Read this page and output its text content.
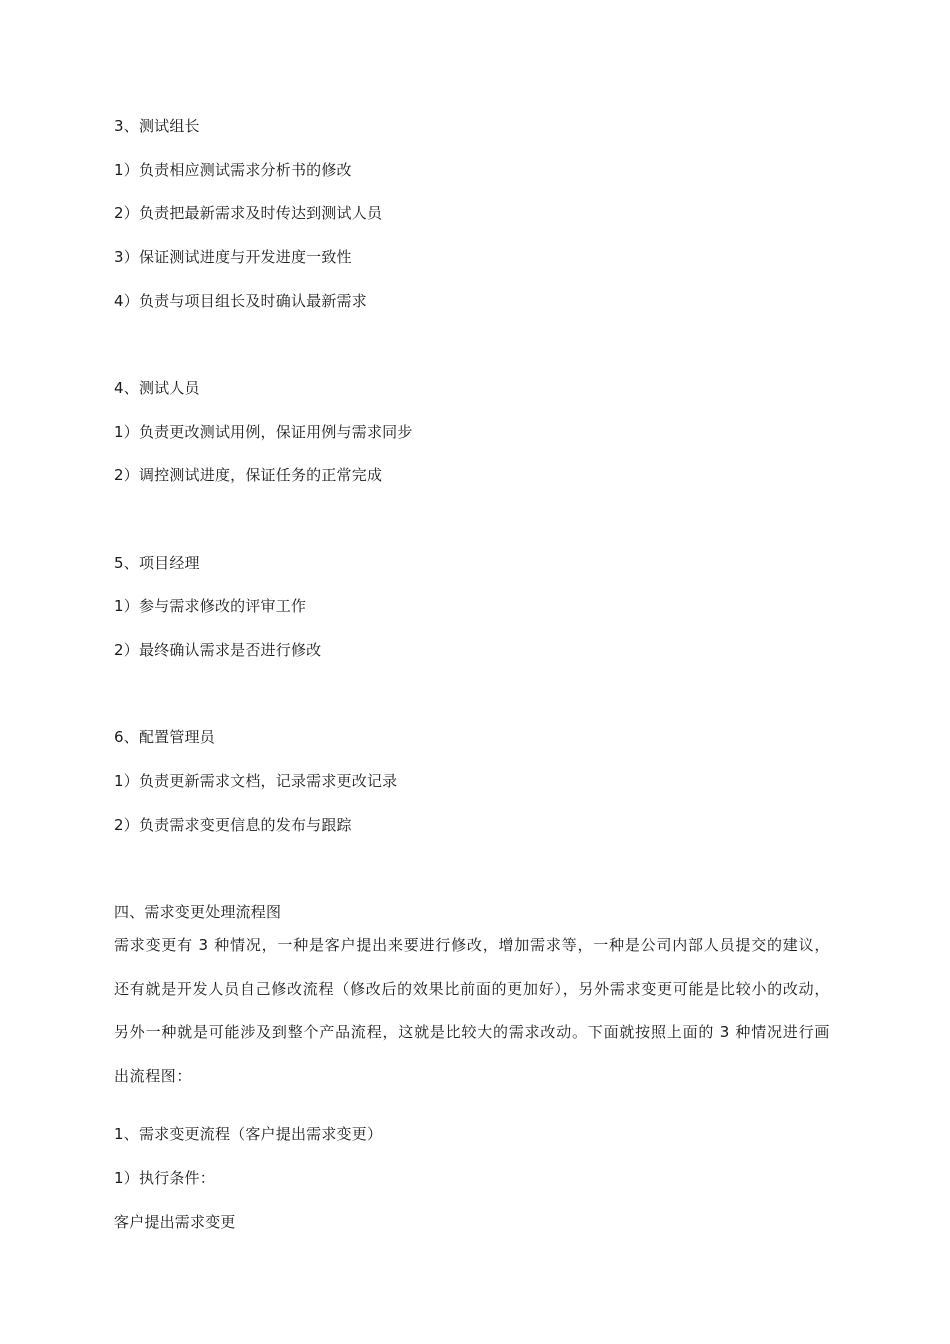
3、测试组长
1）负责相应测试需求分析书的修改
2）负责把最新需求及时传达到测试人员
3）保证测试进度与开发进度一致性
4）负责与项目组长及时确认最新需求
4、测试人员
1）负责更改测试用例，保证用例与需求同步
2）调控测试进度，保证任务的正常完成
5、项目经理
1）参与需求修改的评审工作
2）最终确认需求是否进行修改
6、配置管理员
1）负责更新需求文档，记录需求更改记录
2）负责需求变更信息的发布与跟踪
四、需求变更处理流程图
需求变更有 3 种情况，一种是客户提出来要进行修改，增加需求等，一种是公司内部人员提交的建议，还有就是开发人员自己修改流程（修改后的效果比前面的更加好），另外需求变更可能是比较小的改动，另外一种就是可能涉及到整个产品流程，这就是比较大的需求改动。下面就按照上面的 3 种情况进行画出流程图：
1、需求变更流程（客户提出需求变更）
1）执行条件：
客户提出需求变更
